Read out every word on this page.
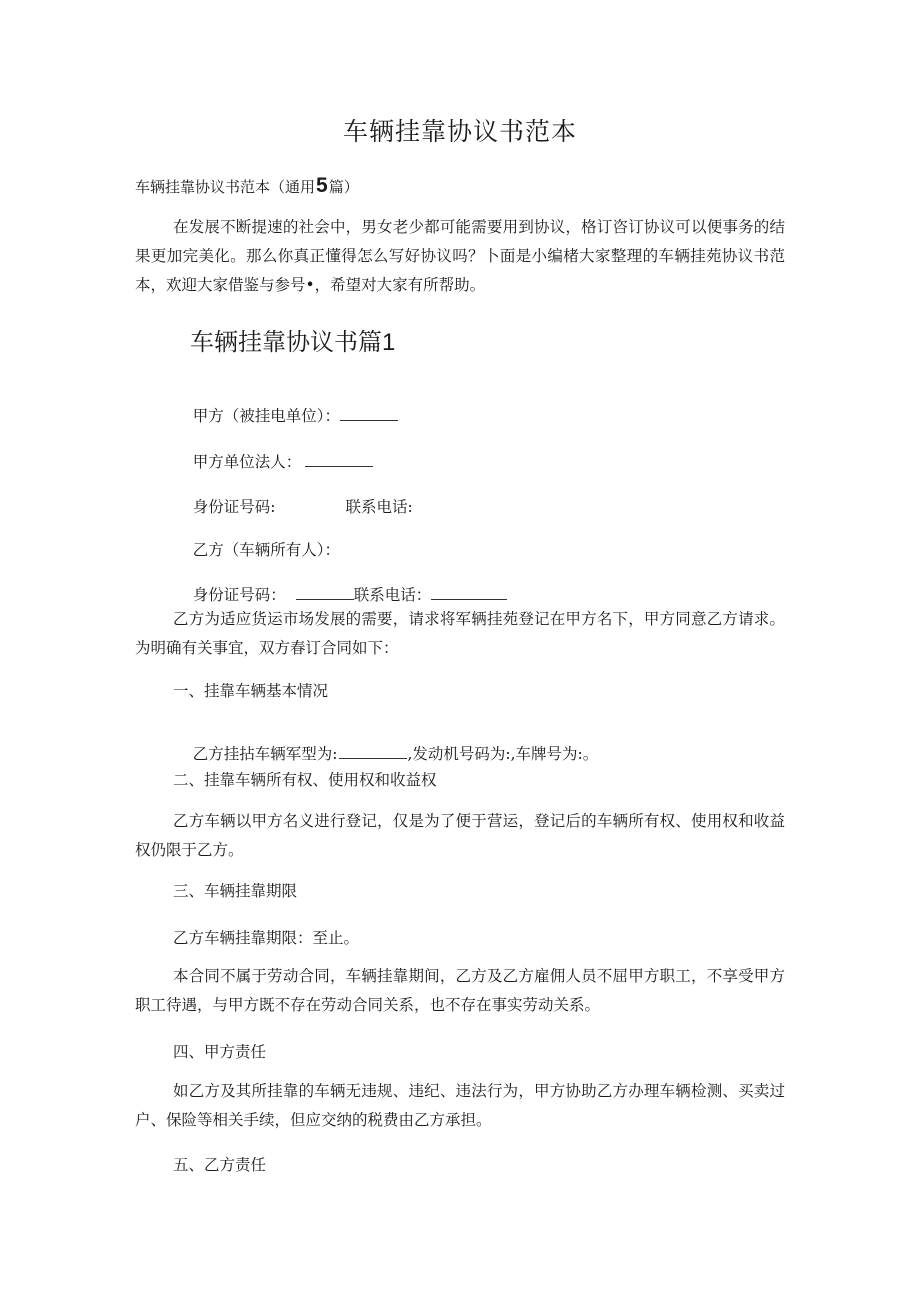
车辆挂靠协议书范本
车辆挂靠协议书范本（通用5篇）

在发展不断提速的社会中，男女老少都可能需要用到协议，格订咨订协议可以便事务的结果更加完美化。那么你真正懂得怎么写好协议吗？卜面是小编楮大家整理的车辆挂苑协议书范本，欢迎大家借鉴与参号•，希望对大家有所帮助。

车辆挂靠协议书篇1

甲方（被挂电单位）：

甲方单位法人：

身份证号码:	联系电话:

乙方（车辆所有人）：

身份证号码：	联系电话：

乙方为适应货运市场发展的需要，请求将军辆挂苑登记在甲方名下，甲方同意乙方请求。为明确有关事宜，双方春订合同如下：

一、挂靠车辆基本情况

乙方挂拈车辆军型为:	,发动机号码为:,车牌号为:。

二、挂靠车辆所有权、使用权和收益权

乙方车辆以甲方名义进行登记，仅是为了便于营运，登记后的车辆所有权、使用权和收益权仍限于乙方。

三、车辆挂靠期限
乙方车辆挂靠期限：至止。

本合同不属于劳动合同，车辆挂靠期间，乙方及乙方雇佣人员不屈甲方职工，不享受甲方职工待遇，与甲方既不存在劳动合同关系，也不存在事实劳动关系。

四、甲方责任

如乙方及其所挂靠的车辆无违规、违纪、违法行为，甲方协助乙方办理车辆检测、买卖过户、保险等相关手续，但应交纳的税费由乙方承担。

五、乙方责任
